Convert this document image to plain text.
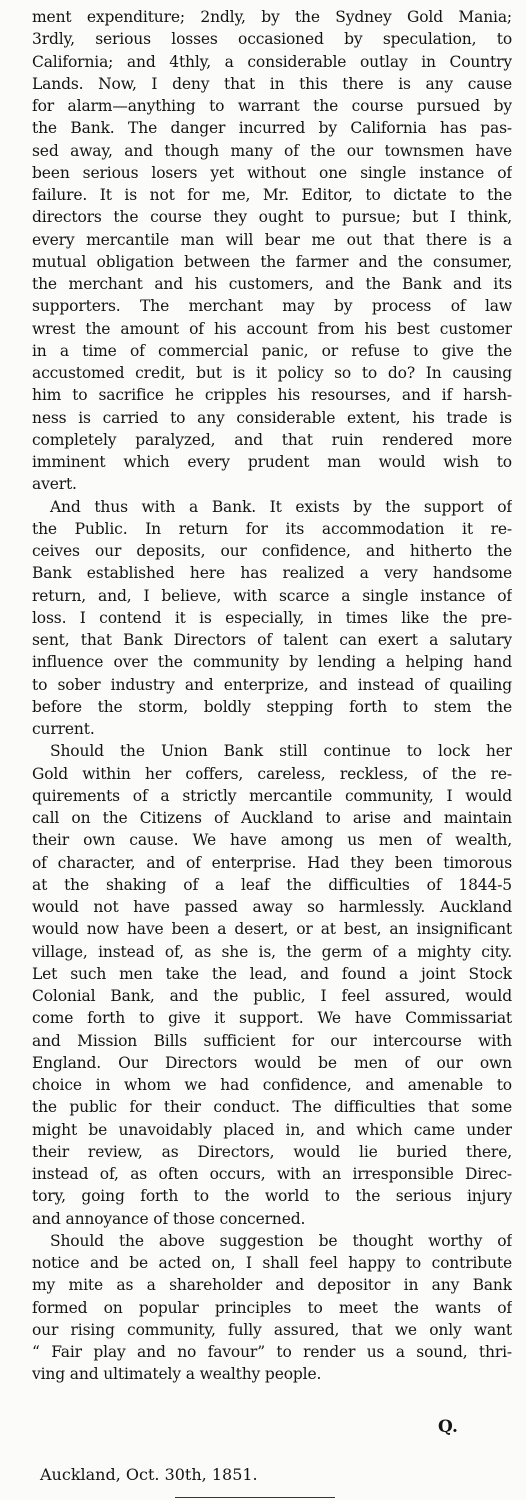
ment expenditure; 2ndly, by the Sydney Gold Mania;
3rdly, serious losses occasioned by speculation, to
California; and 4thly, a considerable outlay in Country
Lands. Now, I deny that in this there is any cause
for alarm—anything to warrant the course pursued by
the Bank. The danger incurred by California has pas-
sed away, and though many of the our townsmen have
been serious losers yet without one single instance of
failure. It is not for me, Mr. Editor, to dictate to the
directors the course they ought to pursue; but I think,
every mercantile man will bear me out that there is a
mutual obligation between the farmer and the consumer,
the merchant and his customers, and the Bank and its
supporters. The merchant may by process of law
wrest the amount of his account from his best customer
in a time of commercial panic, or refuse to give the
accustomed credit, but is it policy so to do? In causing
him to sacrifice he cripples his resourses, and if harsh-
ness is carried to any considerable extent, his trade is
completely paralyzed, and that ruin rendered more
imminent which every prudent man would wish to
avert.
And thus with a Bank. It exists by the support of
the Public. In return for its accommodation it re-
ceives our deposits, our confidence, and hitherto the
Bank established here has realized a very handsome
return, and, I believe, with scarce a single instance of
loss. I contend it is especially, in times like the pre-
sent, that Bank Directors of talent can exert a salutary
influence over the community by lending a helping hand
to sober industry and enterprize, and instead of quailing
before the storm, boldly stepping forth to stem the
current.
Should the Union Bank still continue to lock her
Gold within her coffers, careless, reckless, of the re-
quirements of a strictly mercantile community, I would
call on the Citizens of Auckland to arise and maintain
their own cause. We have among us men of wealth,
of character, and of enterprise. Had they been timorous
at the shaking of a leaf the difficulties of 1844-5
would not have passed away so harmlessly. Auckland
would now have been a desert, or at best, an insignificant
village, instead of, as she is, the germ of a mighty city.
Let such men take the lead, and found a joint Stock
Colonial Bank, and the public, I feel assured, would
come forth to give it support. We have Commissariat
and Mission Bills sufficient for our intercourse with
England. Our Directors would be men of our own
choice in whom we had confidence, and amenable to
the public for their conduct. The difficulties that some
might be unavoidably placed in, and which came under
their review, as Directors, would lie buried there,
instead of, as often occurs, with an irresponsible Direc-
tory, going forth to the world to the serious injury
and annoyance of those concerned.
Should the above suggestion be thought worthy of
notice and be acted on, I shall feel happy to contribute
my mite as a shareholder and depositor in any Bank
formed on popular principles to meet the wants of
our rising community, fully assured, that we only want
“ Fair play and no favour” to render us a sound, thri-
ving and ultimately a wealthy people.
Q.
Auckland, Oct. 30th, 1851.
